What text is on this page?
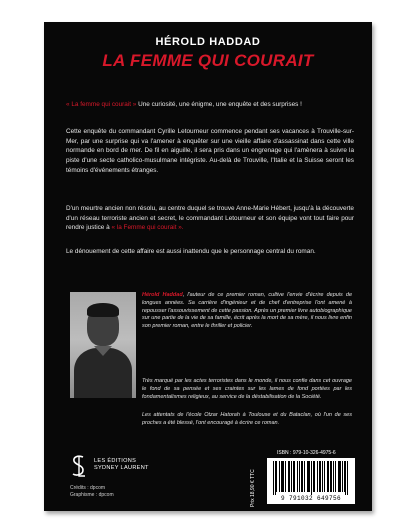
HÉROLD HADDAD
LA FEMME QUI COURAIT

« La femme qui courait » Une curiosité, une énigme, une enquête et des surprises !

Cette enquête du commandant Cyrille Letourneur commence pendant ses vacances à Trouville-sur-Mer, par une surprise qui va l'amener à enquêter sur une vieille affaire d'assassinat dans cette ville normande en bord de mer. De fil en aiguille, il sera pris dans un engrenage qui l'amènera à suivre la piste d'une secte catholico-musulmane intégriste. Au-delà de Trouville, l'Italie et la Suisse seront les témoins d'événements étranges.

D'un meurtre ancien non résolu, au centre duquel se trouve Anne-Marie Hébert, jusqu'à la découverte d'un réseau terroriste ancien et secret, le commandant Letourneur et son équipe vont tout faire pour rendre justice à « la Femme qui courait ».

Le dénouement de cette affaire est aussi inattendu que le personnage central du roman.

Hérold Haddad, l'auteur de ce premier roman, cultive l'envie d'écrire depuis de longues années. Sa carrière d'ingénieur et de chef d'entreprise l'ont amené à repousser l'assouvissement de cette passion. Après un premier livre autobiographique sur une partie de la vie de sa famille, écrit après la mort de sa mère, il nous livre enfin son premier roman, entre le thriller et policier.

Très marqué par les actes terroristes dans le monde, il nous confie dans cet ouvrage le fond de sa pensée et ses craintes sur les lames de fond portées par les fondamentalismes religieux, au service de la déstabilisation de la Société.

Les attentats de l'école Otzar Hatorah à Toulouse et du Bataclan, où l'un de ses proches a été blessé, l'ont encouragé à écrire ce roman.

LES ÉDITIONS
SYDNEY LAURENT
Crédits : dpcom
Graphisme : dpcom
ISBN : 979-10-326-4975-6
Prix 18,90 € TTC	9 791032 649756
